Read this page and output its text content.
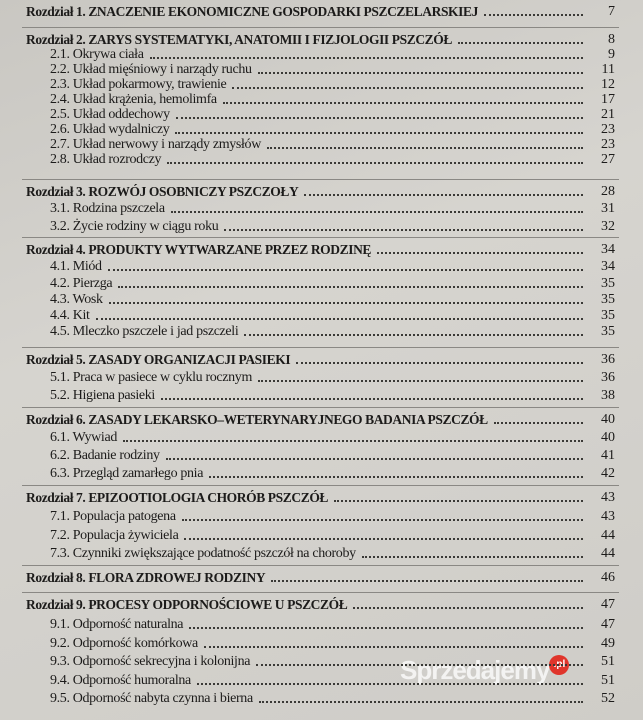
Sprzedajemy .pl
Rozdział 1. ZNACZENIE EKONOMICZNE GOSPODARKI PSZCZELARSKIEJ	7
Rozdział 2. ZARYS SYSTEMATYKI, ANATOMII I FIZJOLOGII PSZCZÓŁ	8
2.1. Okrywa ciała	9
2.2. Układ mięśniowy i narządy ruchu	11
2.3. Układ pokarmowy, trawienie	12
2.4. Układ krążenia, hemolimfa	17
2.5. Układ oddechowy	21
2.6. Układ wydalniczy	23
2.7. Układ nerwowy i narządy zmysłów	23
2.8. Układ rozrodczy	27
Rozdział 3. ROZWÓJ OSOBNICZY PSZCZOŁY	28
3.1. Rodzina pszczela	31
3.2. Życie rodziny w ciągu roku	32
Rozdział 4. PRODUKTY WYTWARZANE PRZEZ RODZINĘ	34
4.1. Miód	34
4.2. Pierzga	35
4.3. Wosk	35
4.4. Kit	35
4.5. Mleczko pszczele i jad pszczeli	35
Rozdział 5. ZASADY ORGANIZACJI PASIEKI	36
5.1. Praca w pasiece w cyklu rocznym	36
5.2. Higiena pasieki	38
Rozdział 6. ZASADY LEKARSKO–WETERYNARYJNEGO BADANIA PSZCZÓŁ	40
6.1. Wywiad	40
6.2. Badanie rodziny	41
6.3. Przegląd zamarłego pnia	42
Rozdział 7. EPIZOOTIOLOGIA CHORÓB PSZCZÓŁ	43
7.1. Populacja patogena	43
7.2. Populacja żywiciela	44
7.3. Czynniki zwiększające podatność pszczół na choroby	44
Rozdział 8. FLORA ZDROWEJ RODZINY	46
Rozdział 9. PROCESY ODPORNOŚCIOWE U PSZCZÓŁ	47
9.1. Odporność naturalna	47
9.2. Odporność komórkowa	49
9.3. Odporność sekrecyjna i kolonijna	51
9.4. Odporność humoralna	51
9.5. Odporność nabyta czynna i bierna	52
